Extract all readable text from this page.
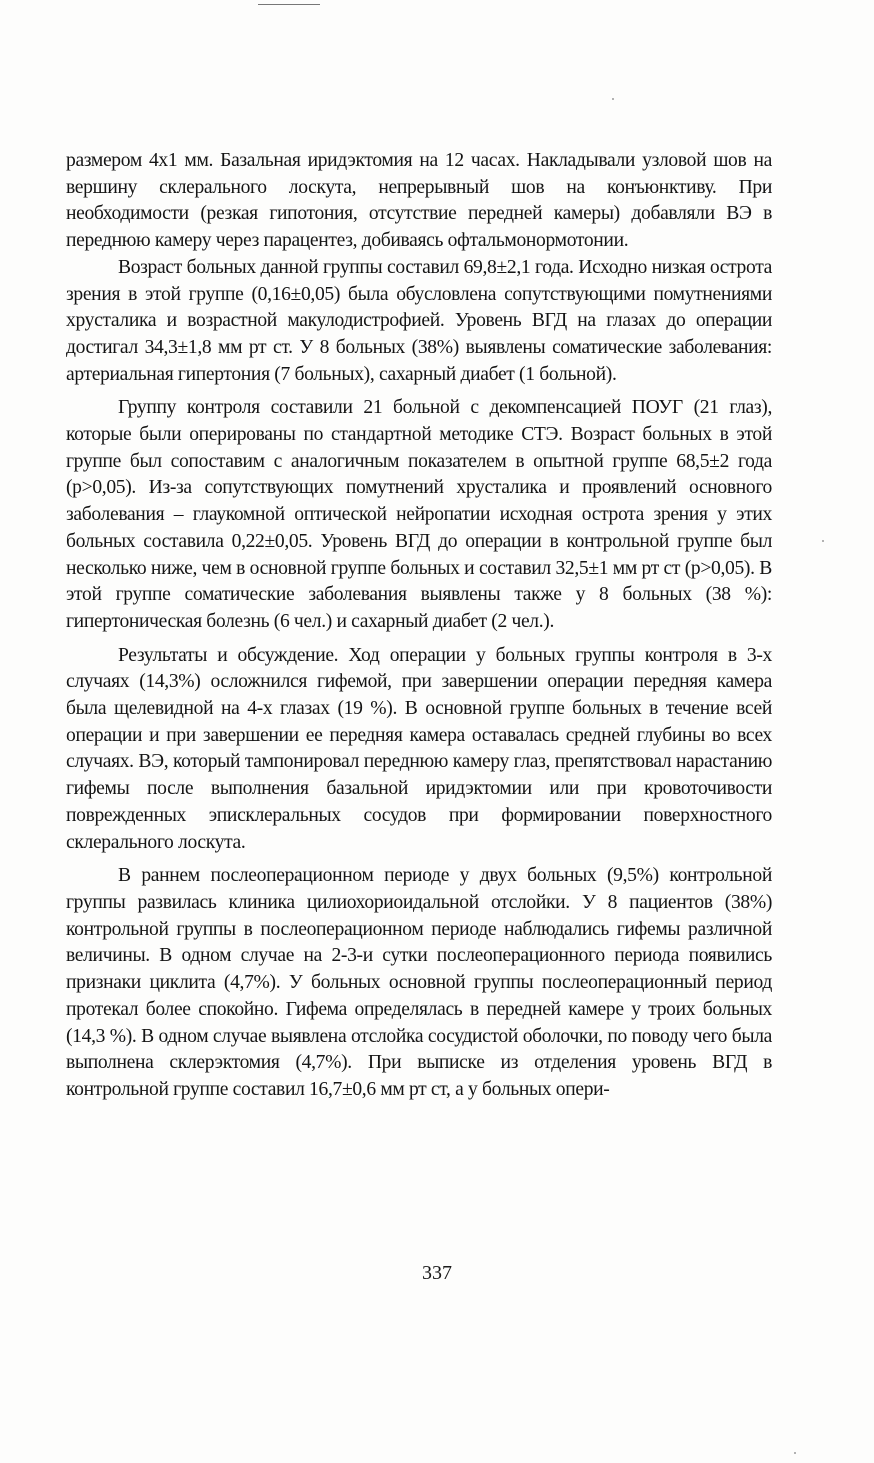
размером 4х1 мм. Базальная иридэктомия на 12 часах. Накладывали узловой шов на вершину склерального лоскута, непрерывный шов на конъюнктиву. При необходимости (резкая гипотония, отсутствие передней камеры) добавляли ВЭ в переднюю камеру через парацентез, добиваясь офтальмонормотонии.

Возраст больных данной группы составил 69,8±2,1 года. Исходно низкая острота зрения в этой группе (0,16±0,05) была обусловлена сопутствующими помутнениями хрусталика и возрастной макулодистрофией. Уровень ВГД на глазах до операции достигал 34,3±1,8 мм рт ст. У 8 больных (38%) выявлены соматические заболевания: артериальная гипертония (7 больных), сахарный диабет (1 больной).

Группу контроля составили 21 больной с декомпенсацией ПОУГ (21 глаз), которые были оперированы по стандартной методике СТЭ. Возраст больных в этой группе был сопоставим с аналогичным показателем в опытной группе 68,5±2 года (р>0,05). Из-за сопутствующих помутнений хрусталика и проявлений основного заболевания – глаукомной оптической нейропатии исходная острота зрения у этих больных составила 0,22±0,05. Уровень ВГД до операции в контрольной группе был несколько ниже, чем в основной группе больных и составил 32,5±1 мм рт ст (р>0,05). В этой группе соматические заболевания выявлены также у 8 больных (38 %): гипертоническая болезнь (6 чел.) и сахарный диабет (2 чел.).

Результаты и обсуждение. Ход операции у больных группы контроля в 3-х случаях (14,3%) осложнился гифемой, при завершении операции передняя камера была щелевидной на 4-х глазах (19 %). В основной группе больных в течение всей операции и при завершении ее передняя камера оставалась средней глубины во всех случаях. ВЭ, который тампонировал переднюю камеру глаз, препятствовал нарастанию гифемы после выполнения базальной иридэктомии или при кровоточивости поврежденных эписклеральных сосудов при формировании поверхностного склерального лоскута.

В раннем послеоперационном периоде у двух больных (9,5%) контрольной группы развилась клиника цилиохориоидальной отслойки. У 8 пациентов (38%) контрольной группы в послеоперационном периоде наблюдались гифемы различной величины. В одном случае на 2-3-и сутки послеоперационного периода появились признаки циклита (4,7%). У больных основной группы послеоперационный период протекал более спокойно. Гифема определялась в передней камере у троих больных (14,3 %). В одном случае выявлена отслойка сосудистой оболочки, по поводу чего была выполнена склерэктомия (4,7%). При выписке из отделения уровень ВГД в контрольной группе составил 16,7±0,6 мм рт ст, а у больных опери-

337
